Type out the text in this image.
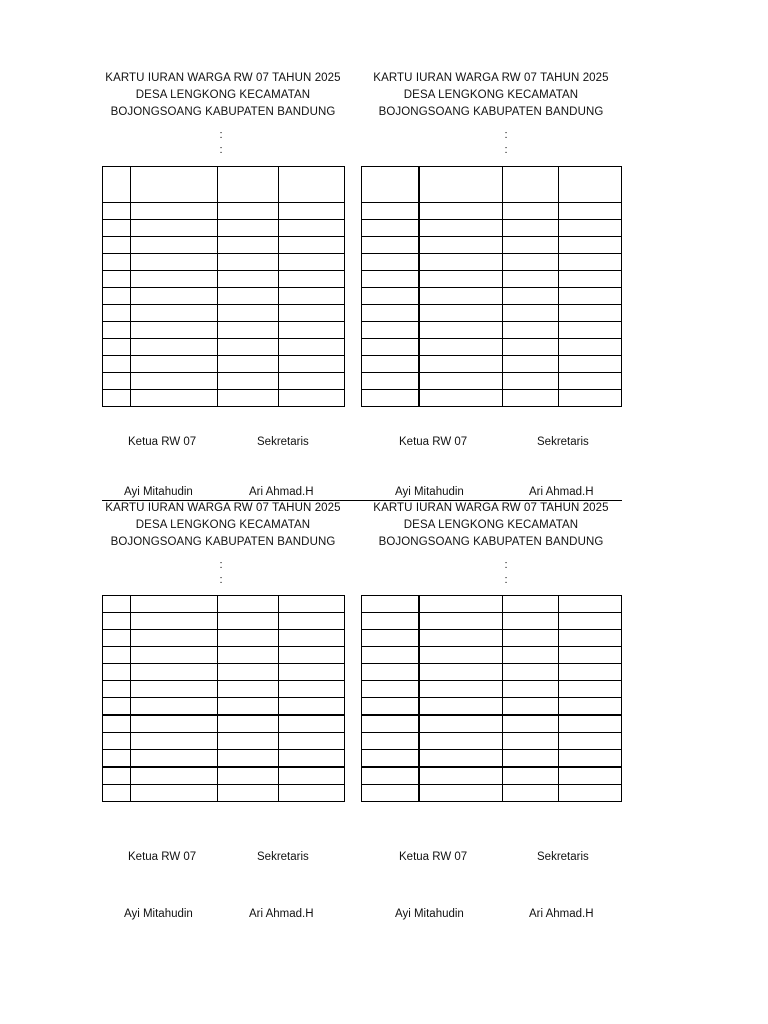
KARTU IURAN WARGA RW 07 TAHUN 2025
DESA LENGKONG KECAMATAN
BOJONGSOANG KABUPATEN BANDUNG
:
:

Ketua RW 07	Sekretaris
Ayi Mitahudin	Ari Ahmad.H
KARTU IURAN WARGA RW 07 TAHUN 2025
DESA LENGKONG KECAMATAN
BOJONGSOANG KABUPATEN BANDUNG
:
:

Ketua RW 07	Sekretaris
Ayi Mitahudin	Ari Ahmad.H
KARTU IURAN WARGA RW 07 TAHUN 2025
DESA LENGKONG KECAMATAN
BOJONGSOANG KABUPATEN BANDUNG
:
:

Ketua RW 07	Sekretaris
Ayi Mitahudin	Ari Ahmad.H
KARTU IURAN WARGA RW 07 TAHUN 2025
DESA LENGKONG KECAMATAN
BOJONGSOANG KABUPATEN BANDUNG
:
:

Ketua RW 07	Sekretaris
Ayi Mitahudin	Ari Ahmad.H
